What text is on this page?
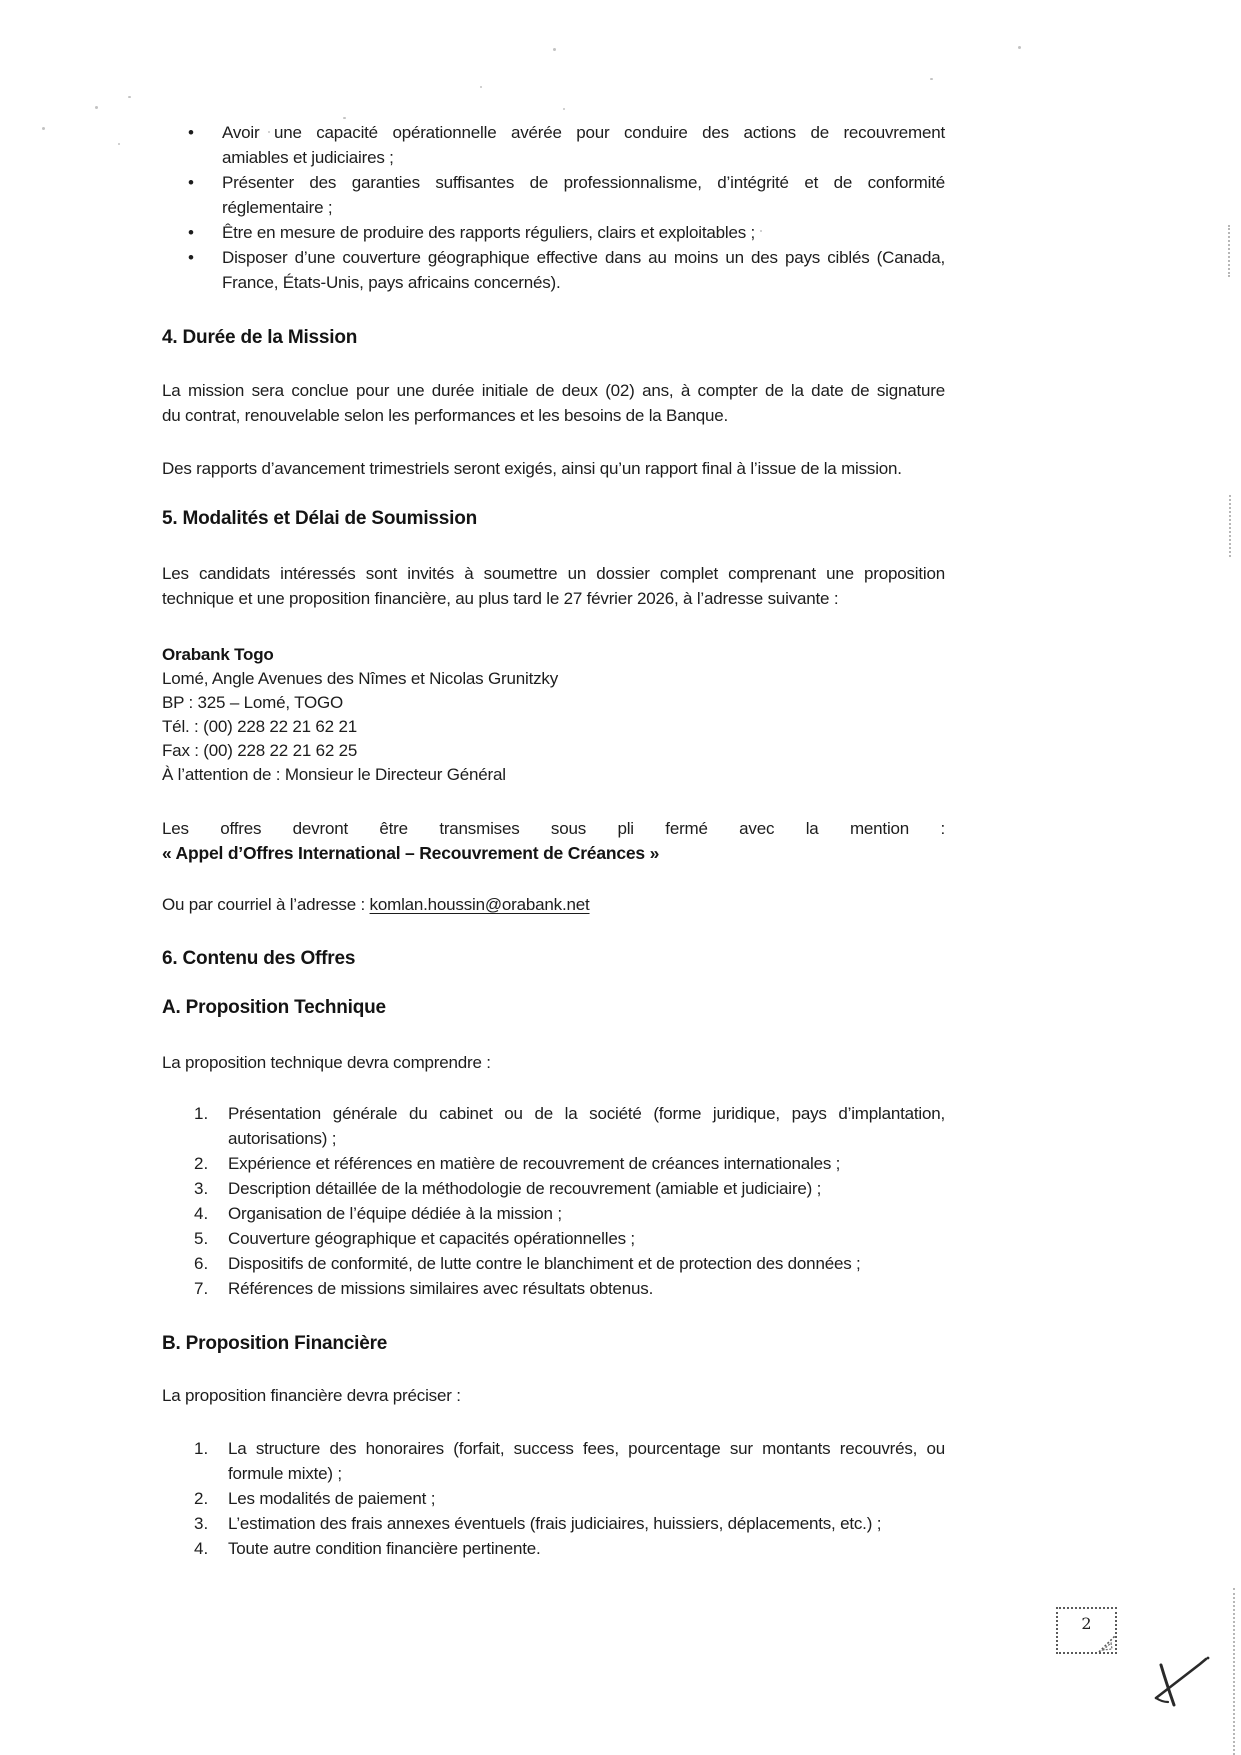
• Avoir une capacité opérationnelle avérée pour conduire des actions de recouvrement
amiables et judiciaires ;
• Présenter des garanties suffisantes de professionnalisme, d’intégrité et de conformité
réglementaire ;
• Être en mesure de produire des rapports réguliers, clairs et exploitables ;
• Disposer d’une couverture géographique effective dans au moins un des pays ciblés (Canada,
France, États-Unis, pays africains concernés).
4. Durée de la Mission
La mission sera conclue pour une durée initiale de deux (02) ans, à compter de la date de signature
du contrat, renouvelable selon les performances et les besoins de la Banque.
Des rapports d’avancement trimestriels seront exigés, ainsi qu’un rapport final à l’issue de la mission.
5. Modalités et Délai de Soumission
Les candidats intéressés sont invités à soumettre un dossier complet comprenant une proposition
technique et une proposition financière, au plus tard le 27 février 2026, à l’adresse suivante :
Orabank Togo
Lomé, Angle Avenues des Nîmes et Nicolas Grunitzky
BP : 325 – Lomé, TOGO
Tél. : (00) 228 22 21 62 21
Fax : (00) 228 22 21 62 25
À l’attention de : Monsieur le Directeur Général
Les offres devront être transmises sous pli fermé avec la mention :
« Appel d’Offres International – Recouvrement de Créances »
Ou par courriel à l’adresse : komlan.houssin@orabank.net
6. Contenu des Offres
A. Proposition Technique
La proposition technique devra comprendre :
1. Présentation générale du cabinet ou de la société (forme juridique, pays d’implantation,
autorisations) ;
2. Expérience et références en matière de recouvrement de créances internationales ;
3. Description détaillée de la méthodologie de recouvrement (amiable et judiciaire) ;
4. Organisation de l’équipe dédiée à la mission ;
5. Couverture géographique et capacités opérationnelles ;
6. Dispositifs de conformité, de lutte contre le blanchiment et de protection des données ;
7. Références de missions similaires avec résultats obtenus.
B. Proposition Financière
La proposition financière devra préciser :
1. La structure des honoraires (forfait, success fees, pourcentage sur montants recouvrés, ou
formule mixte) ;
2. Les modalités de paiement ;
3. L’estimation des frais annexes éventuels (frais judiciaires, huissiers, déplacements, etc.) ;
4. Toute autre condition financière pertinente.
2
